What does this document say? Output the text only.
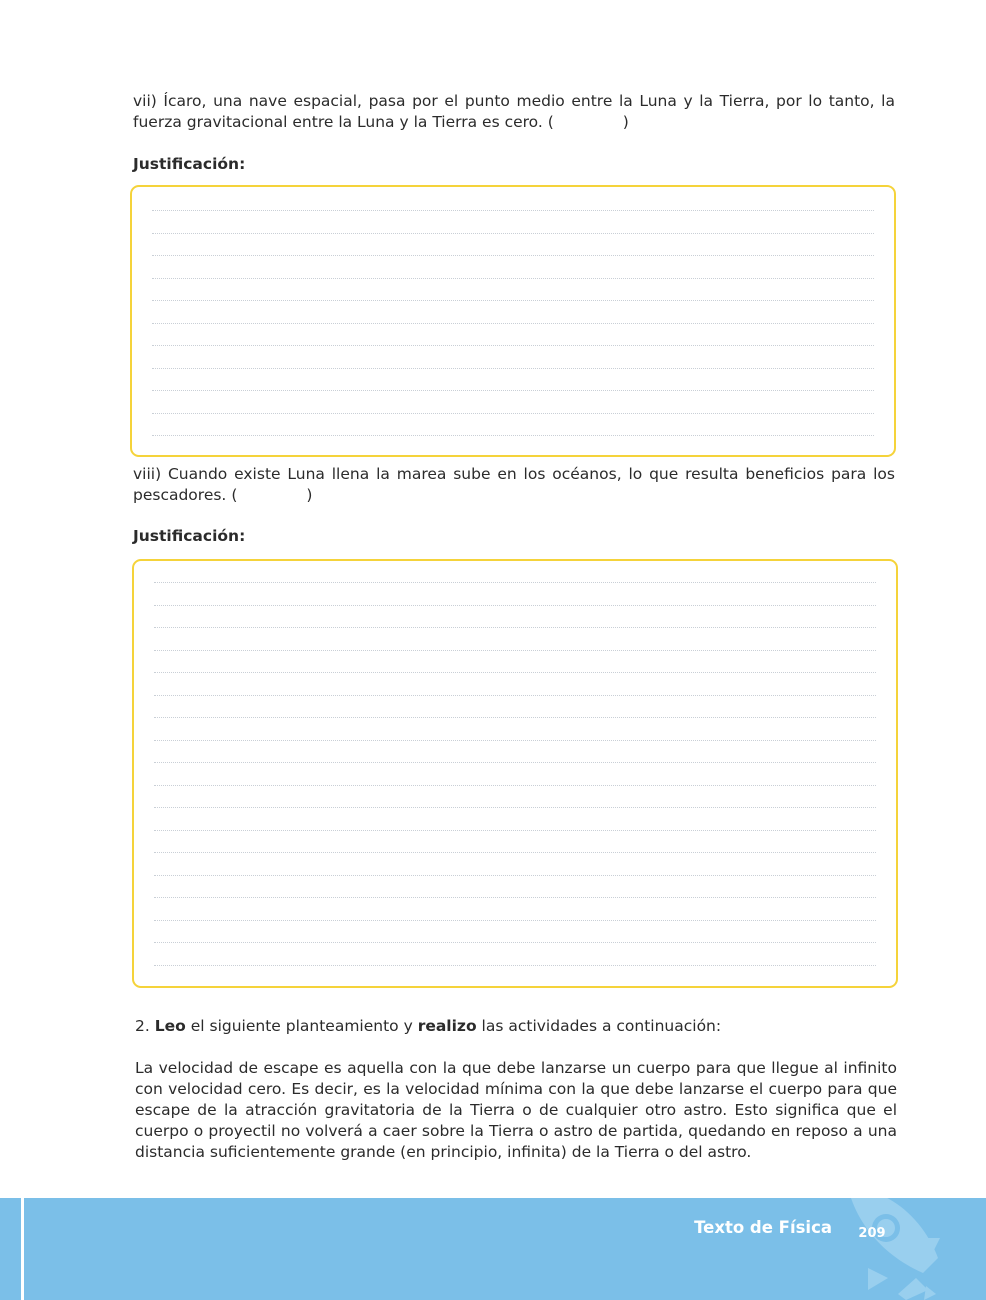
vii) Ícaro, una nave espacial, pasa por el punto medio entre la Luna y la Tierra, por lo tanto, la fuerza gravitacional entre la Luna y la Tierra es cero. (              )

Justificación:

viii) Cuando existe Luna llena la marea sube en los océanos, lo que resulta beneficios para los pescadores. (              )

Justificación:

2. Leo el siguiente planteamiento y realizo las actividades a continuación:

La velocidad de escape es aquella con la que debe lanzarse un cuerpo para que llegue al infinito con velocidad cero. Es decir, es la velocidad mínima con la que debe lanzarse el cuerpo para que escape de la atracción gravitatoria de la Tierra o de cualquier otro astro. Esto significa que el cuerpo o proyectil no volverá a caer sobre la Tierra o astro de partida, quedando en reposo a una distancia suficientemente grande (en principio, infinita) de la Tierra o del astro.

Texto de Física	209
